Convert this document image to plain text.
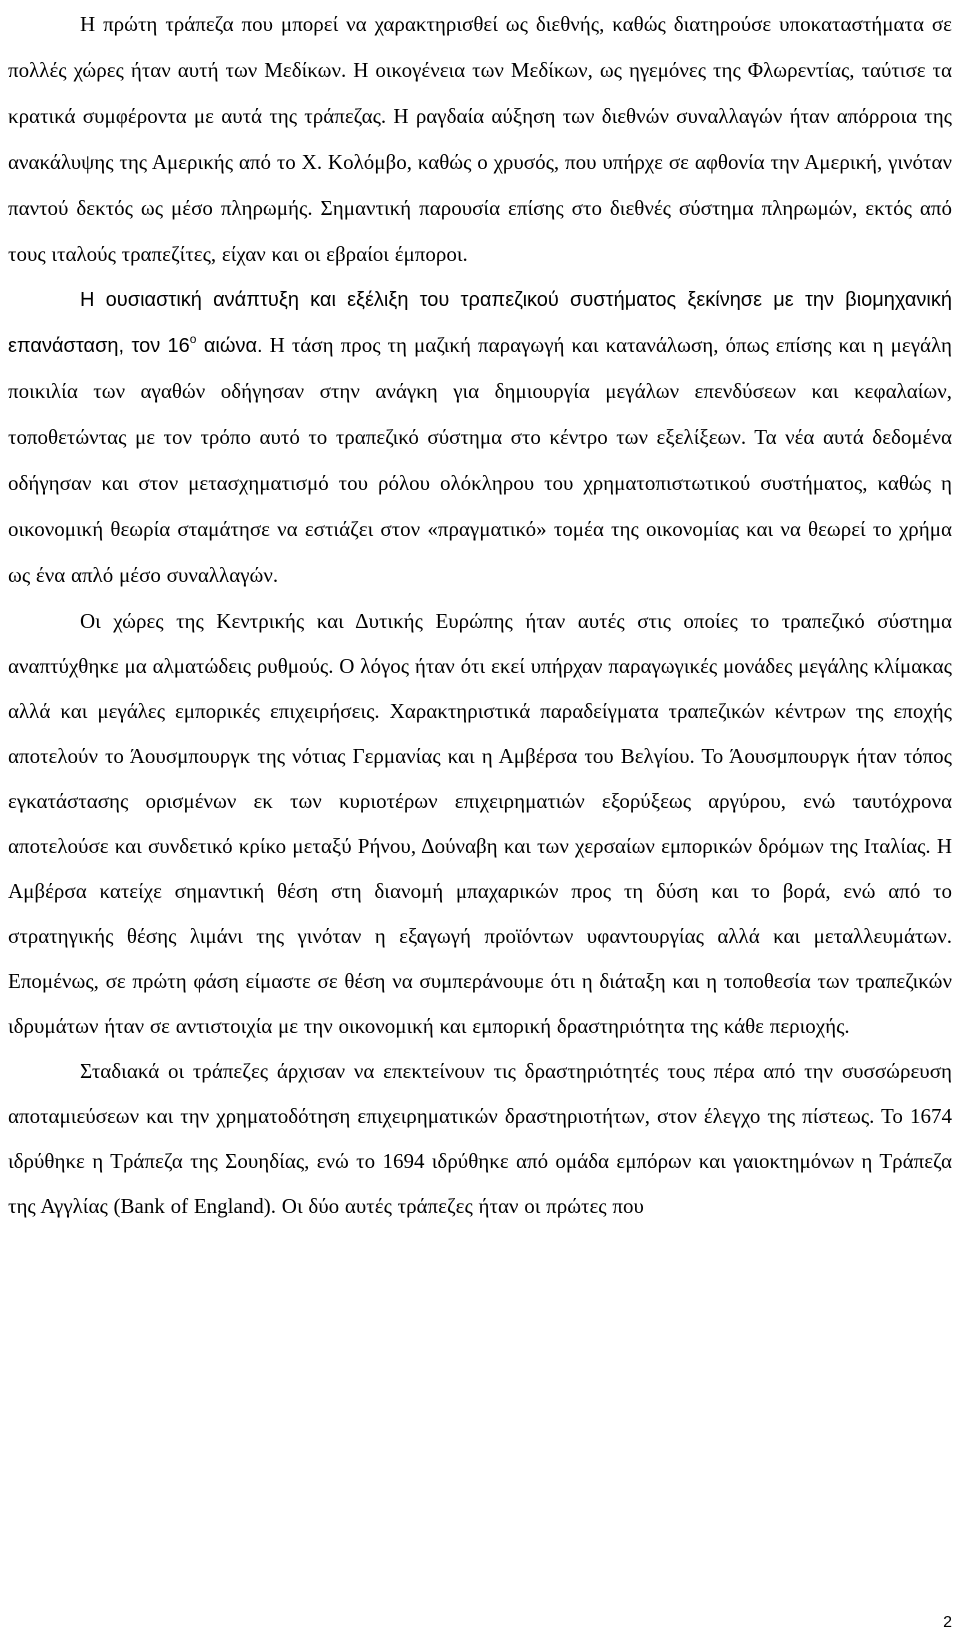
Η πρώτη τράπεζα που μπορεί να χαρακτηρισθεί ως διεθνής, καθώς διατηρούσε υποκαταστήματα σε πολλές χώρες ήταν αυτή των Μεδίκων. Η οικογένεια των Μεδίκων, ως ηγεμόνες της Φλωρεντίας, ταύτισε τα κρατικά συμφέροντα με αυτά της τράπεζας. Η ραγδαία αύξηση των διεθνών συναλλαγών ήταν απόρροια της ανακάλυψης της Αμερικής από το Χ. Κολόμβο, καθώς ο χρυσός, που υπήρχε σε αφθονία την Αμερική, γινόταν παντού δεκτός ως μέσο πληρωμής. Σημαντική παρουσία επίσης στο διεθνές σύστημα πληρωμών, εκτός από τους ιταλούς τραπεζίτες, είχαν και οι εβραίοι έμποροι.

Η ουσιαστική ανάπτυξη και εξέλιξη του τραπεζικού συστήματος ξεκίνησε με την βιομηχανική επανάσταση, τον $16^o$ αιώνα. Η τάση προς τη μαζική παραγωγή και κατανάλωση, όπως επίσης και η μεγάλη ποικιλία των αγαθών οδήγησαν στην ανάγκη για δημιουργία μεγάλων επενδύσεων και κεφαλαίων, τοποθετώντας με τον τρόπο αυτό το τραπεζικό σύστημα στο κέντρο των εξελίξεων. Τα νέα αυτά δεδομένα οδήγησαν και στον μετασχηματισμό του ρόλου ολόκληρου του χρηματοπιστωτικού συστήματος, καθώς η οικονομική θεωρία σταμάτησε να εστιάζει στον «πραγματικό» τομέα της οικονομίας και να θεωρεί το χρήμα ως ένα απλό μέσο συναλλαγών.

Οι χώρες της Κεντρικής και Δυτικής Ευρώπης ήταν αυτές στις οποίες το τραπεζικό σύστημα αναπτύχθηκε μα αλματώδεις ρυθμούς. Ο λόγος ήταν ότι εκεί υπήρχαν παραγωγικές μονάδες μεγάλης κλίμακας αλλά και μεγάλες εμπορικές επιχειρήσεις. Χαρακτηριστικά παραδείγματα τραπεζικών κέντρων της εποχής αποτελούν το Άουσμπουργκ της νότιας Γερμανίας και η Αμβέρσα του Βελγίου. Το Άουσμπουργκ ήταν τόπος εγκατάστασης ορισμένων εκ των κυριοτέρων επιχειρηματιών εξορύξεως αργύρου, ενώ ταυτόχρονα αποτελούσε και συνδετικό κρίκο μεταξύ Ρήνου, Δούναβη και των χερσαίων εμπορικών δρόμων της Ιταλίας. Η Αμβέρσα κατείχε σημαντική θέση στη διανομή μπαχαρικών προς τη δύση και το βορά, ενώ από το στρατηγικής θέσης λιμάνι της γινόταν η εξαγωγή προϊόντων υφαντουργίας αλλά και μεταλλευμάτων. Επομένως, σε πρώτη φάση είμαστε σε θέση να συμπεράνουμε ότι η διάταξη και η τοποθεσία των τραπεζικών ιδρυμάτων ήταν σε αντιστοιχία με την οικονομική και εμπορική δραστηριότητα της κάθε περιοχής.

Σταδιακά οι τράπεζες άρχισαν να επεκτείνουν τις δραστηριότητές τους πέρα από την συσσώρευση αποταμιεύσεων και την χρηματοδότηση επιχειρηματικών δραστηριοτήτων, στον έλεγχο της πίστεως. Το 1674 ιδρύθηκε η Τράπεζα της Σουηδίας, ενώ το 1694 ιδρύθηκε από ομάδα εμπόρων και γαιοκτημόνων η Τράπεζα της Αγγλίας (Bank of England). Οι δύο αυτές τράπεζες ήταν οι πρώτες που

2
